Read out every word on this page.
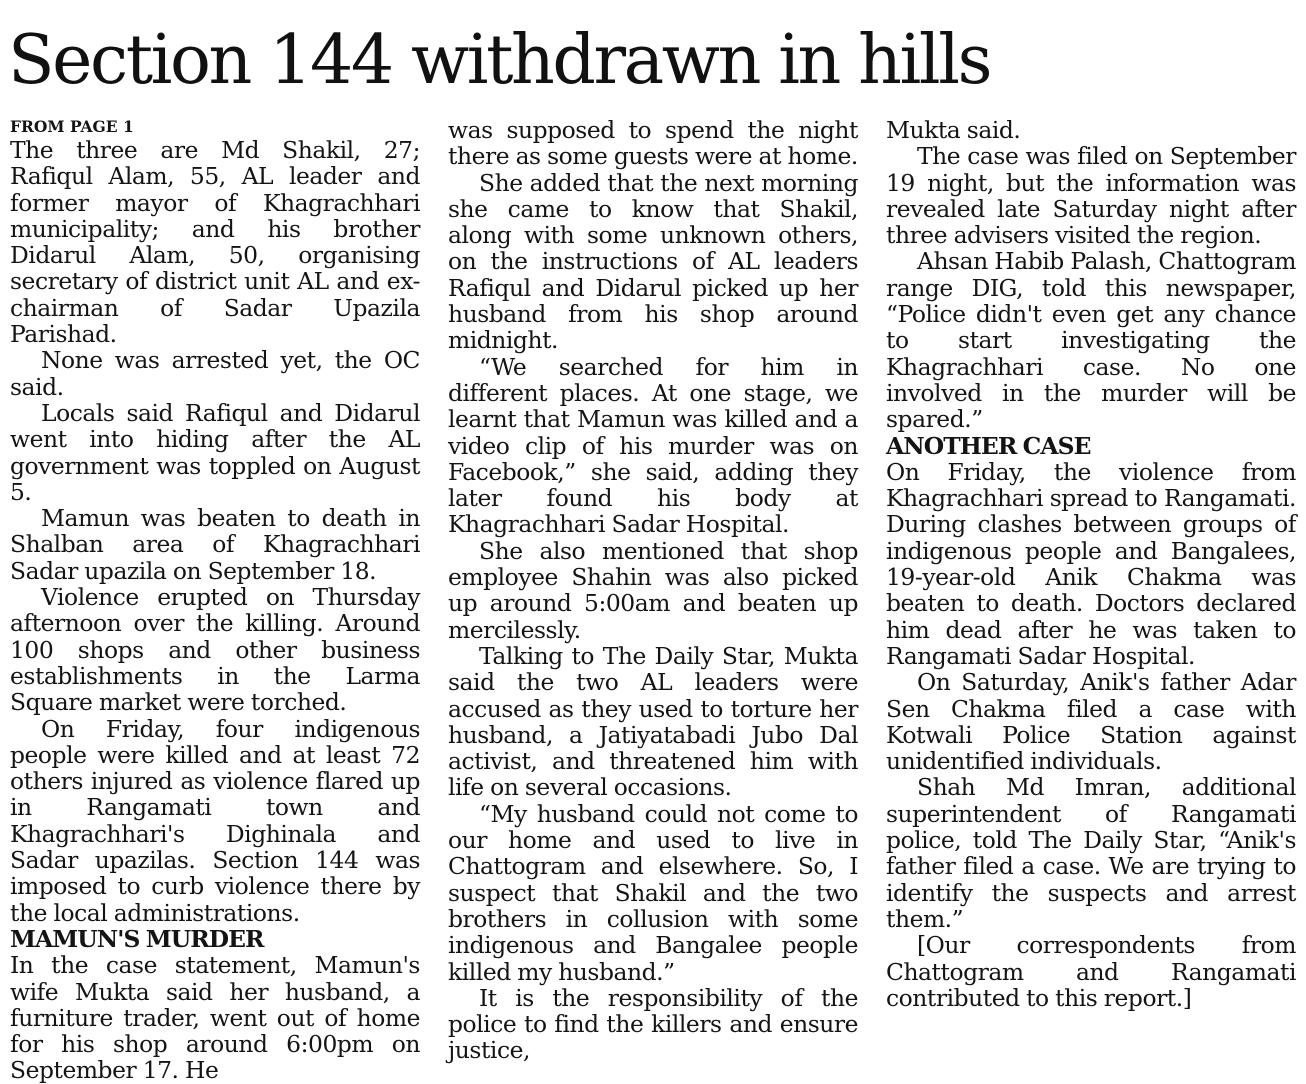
Section 144 withdrawn in hills
FROM PAGE 1

The three are Md Shakil, 27; Rafiqul Alam, 55, AL leader and former mayor of Khagrachhari municipality; and his brother Didarul Alam, 50, organising secretary of district unit AL and ex-chairman of Sadar Upazila Parishad.

None was arrested yet, the OC said.

Locals said Rafiqul and Didarul went into hiding after the AL government was toppled on August 5.

Mamun was beaten to death in Shalban area of Khagrachhari Sadar upazila on September 18.

Violence erupted on Thursday afternoon over the killing. Around 100 shops and other business establishments in the Larma Square market were torched.

On Friday, four indigenous people were killed and at least 72 others injured as violence flared up in Rangamati town and Khagrachhari's Dighinala and Sadar upazilas. Section 144 was imposed to curb violence there by the local administrations.

MAMUN'S MURDER

In the case statement, Mamun's wife Mukta said her husband, a furniture trader, went out of home for his shop around 6:00pm on September 17. He

was supposed to spend the night there as some guests were at home.

She added that the next morning she came to know that Shakil, along with some unknown others, on the instructions of AL leaders Rafiqul and Didarul picked up her husband from his shop around midnight.

“We searched for him in different places. At one stage, we learnt that Mamun was killed and a video clip of his murder was on Facebook,” she said, adding they later found his body at Khagrachhari Sadar Hospital.

She also mentioned that shop employee Shahin was also picked up around 5:00am and beaten up mercilessly.

Talking to The Daily Star, Mukta said the two AL leaders were accused as they used to torture her husband, a Jatiyatabadi Jubo Dal activist, and threatened him with life on several occasions.

“My husband could not come to our home and used to live in Chattogram and elsewhere. So, I suspect that Shakil and the two brothers in collusion with some indigenous and Bangalee people killed my husband.”

It is the responsibility of the police to find the killers and ensure justice,

Mukta said.

The case was filed on September 19 night, but the information was revealed late Saturday night after three advisers visited the region.

Ahsan Habib Palash, Chattogram range DIG, told this newspaper, “Police didn't even get any chance to start investigating the Khagrachhari case. No one involved in the murder will be spared.”

ANOTHER CASE

On Friday, the violence from Khagrachhari spread to Rangamati. During clashes between groups of indigenous people and Bangalees, 19-year-old Anik Chakma was beaten to death. Doctors declared him dead after he was taken to Rangamati Sadar Hospital.

On Saturday, Anik's father Adar Sen Chakma filed a case with Kotwali Police Station against unidentified individuals.

Shah Md Imran, additional superintendent of Rangamati police, told The Daily Star, “Anik's father filed a case. We are trying to identify the suspects and arrest them.”

[Our correspondents from Chattogram and Rangamati contributed to this report.]
